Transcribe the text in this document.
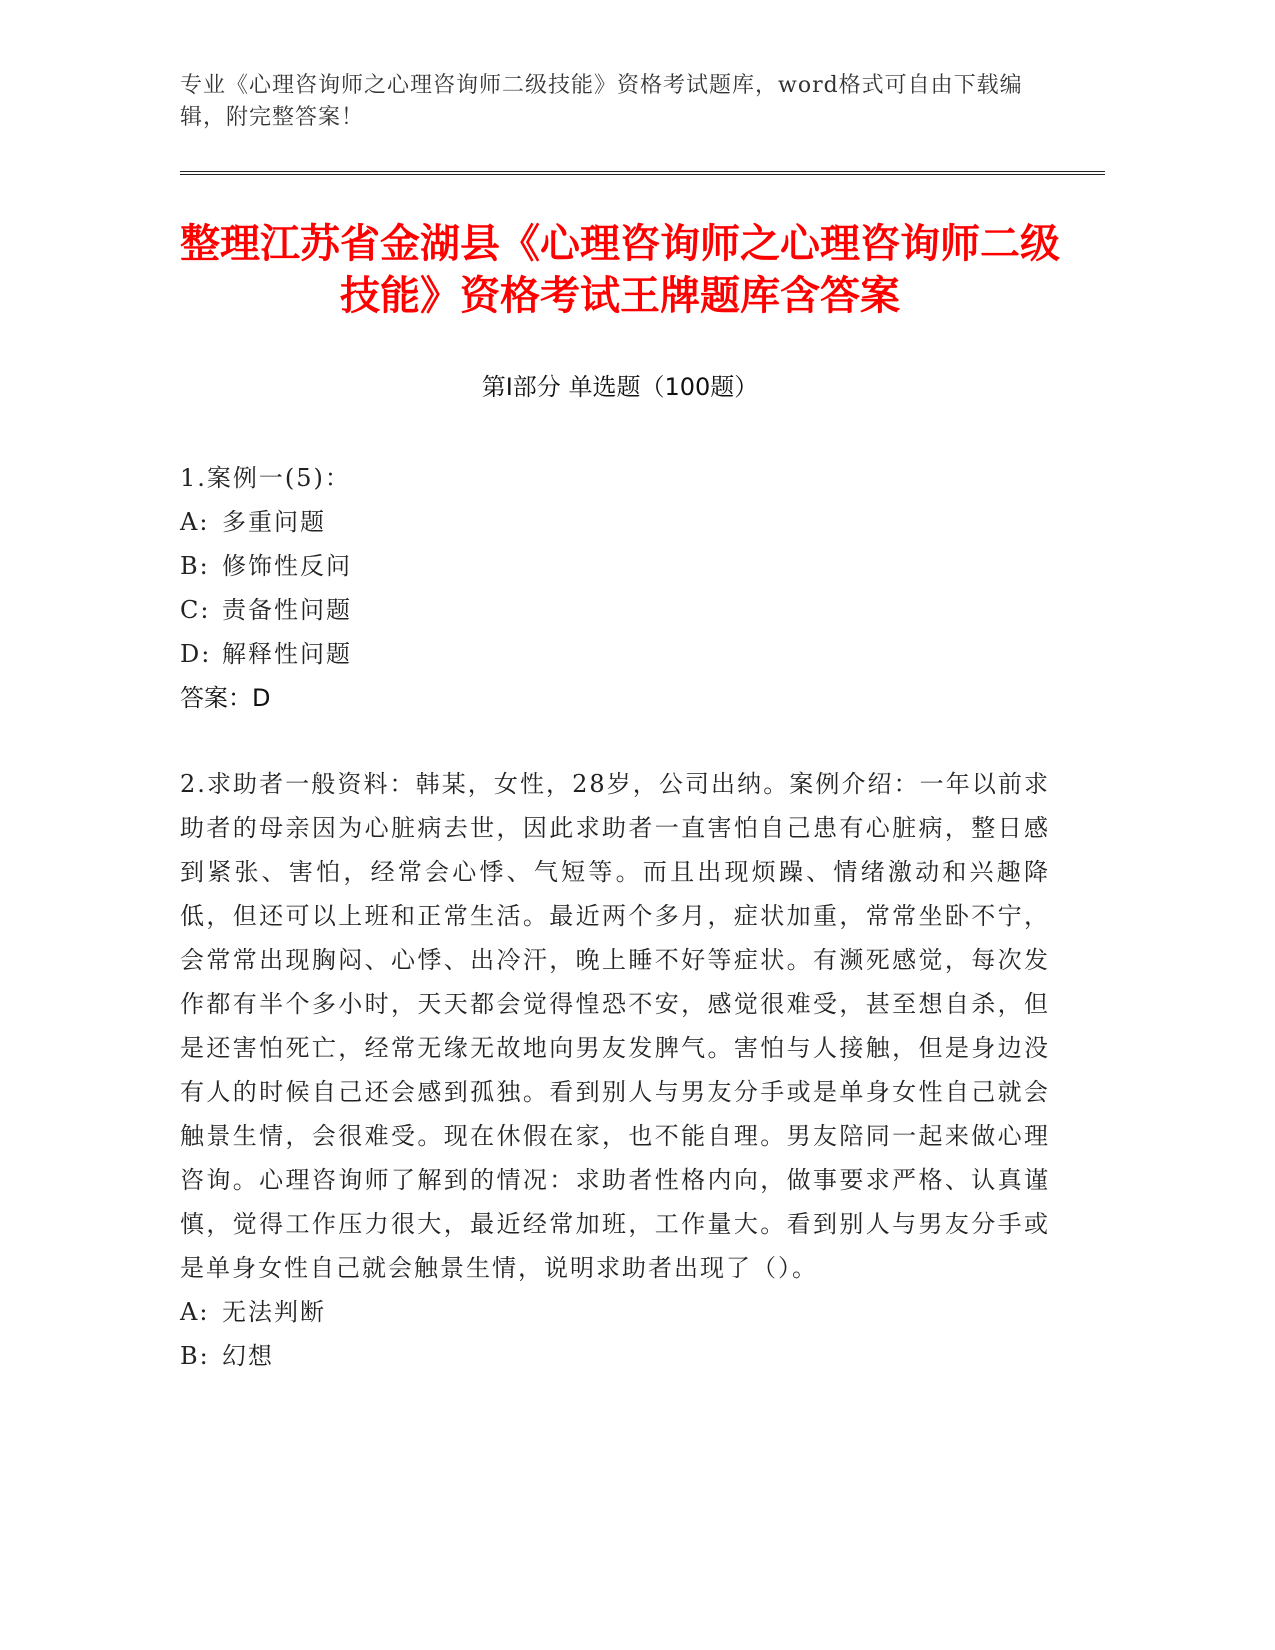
专业《心理咨询师之心理咨询师二级技能》资格考试题库，word格式可自由下载编辑，附完整答案！
整理江苏省金湖县《心理咨询师之心理咨询师二级技能》资格考试王牌题库含答案
第Ⅰ部分 单选题（100题）
1.案例一(5)：
A: 多重问题
B: 修饰性反问
C: 责备性问题
D: 解释性问题
答案：D
2.求助者一般资料：韩某，女性，28岁，公司出纳。案例介绍：一年以前求助者的母亲因为心脏病去世，因此求助者一直害怕自己患有心脏病，整日感到紧张、害怕，经常会心悸、气短等。而且出现烦躁、情绪激动和兴趣降低，但还可以上班和正常生活。最近两个多月，症状加重，常常坐卧不宁，会常常出现胸闷、心悸、出冷汗，晚上睡不好等症状。有濒死感觉，每次发作都有半个多小时，天天都会觉得惶恐不安，感觉很难受，甚至想自杀，但是还害怕死亡，经常无缘无故地向男友发脾气。害怕与人接触，但是身边没有人的时候自己还会感到孤独。看到别人与男友分手或是单身女性自己就会触景生情，会很难受。现在休假在家，也不能自理。男友陪同一起来做心理咨询。心理咨询师了解到的情况：求助者性格内向，做事要求严格、认真谨慎，觉得工作压力很大，最近经常加班，工作量大。看到别人与男友分手或是单身女性自己就会触景生情，说明求助者出现了（）。
A: 无法判断
B: 幻想
